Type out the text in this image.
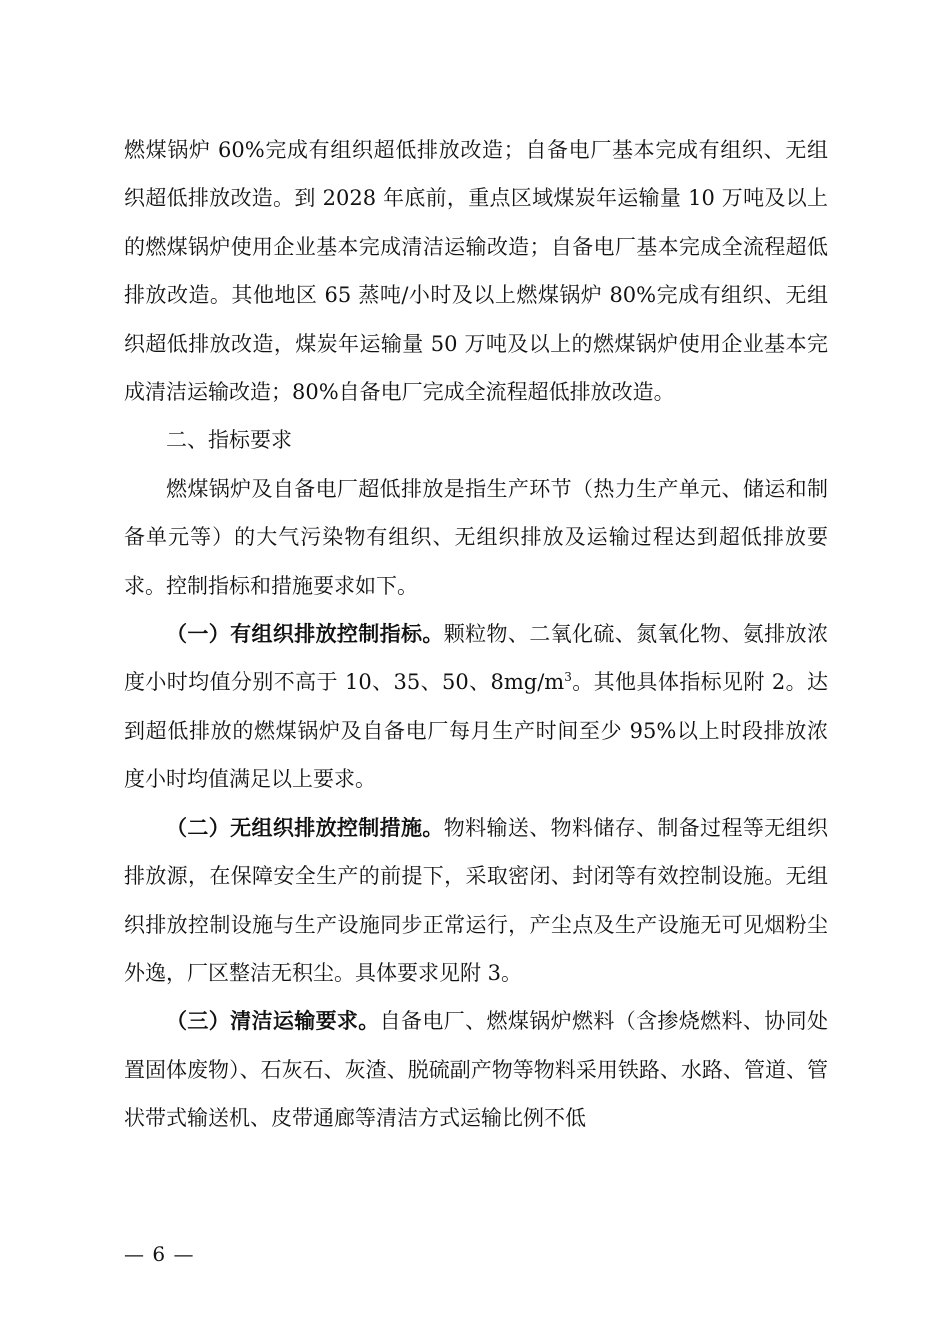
燃煤锅炉 60%完成有组织超低排放改造；自备电厂基本完成有组织、无组织超低排放改造。到 2028 年底前，重点区域煤炭年运输量 10 万吨及以上的燃煤锅炉使用企业基本完成清洁运输改造；自备电厂基本完成全流程超低排放改造。其他地区 65 蒸吨/小时及以上燃煤锅炉 80%完成有组织、无组织超低排放改造，煤炭年运输量 50 万吨及以上的燃煤锅炉使用企业基本完成清洁运输改造；80%自备电厂完成全流程超低排放改造。

二、指标要求

燃煤锅炉及自备电厂超低排放是指生产环节（热力生产单元、储运和制备单元等）的大气污染物有组织、无组织排放及运输过程达到超低排放要求。控制指标和措施要求如下。

（一）有组织排放控制指标。颗粒物、二氧化硫、氮氧化物、氨排放浓度小时均值分别不高于 10、35、50、$8mg/m^3$。其他具体指标见附 2。达到超低排放的燃煤锅炉及自备电厂每月生产时间至少 95%以上时段排放浓度小时均值满足以上要求。

（二）无组织排放控制措施。物料输送、物料储存、制备过程等无组织排放源，在保障安全生产的前提下，采取密闭、封闭等有效控制设施。无组织排放控制设施与生产设施同步正常运行，产尘点及生产设施无可见烟粉尘外逸，厂区整洁无积尘。具体要求见附 3。

（三）清洁运输要求。自备电厂、燃煤锅炉燃料（含掺烧燃料、协同处置固体废物）、石灰石、灰渣、脱硫副产物等物料采用铁路、水路、管道、管状带式输送机、皮带通廊等清洁方式运输比例不低

— 6 —
